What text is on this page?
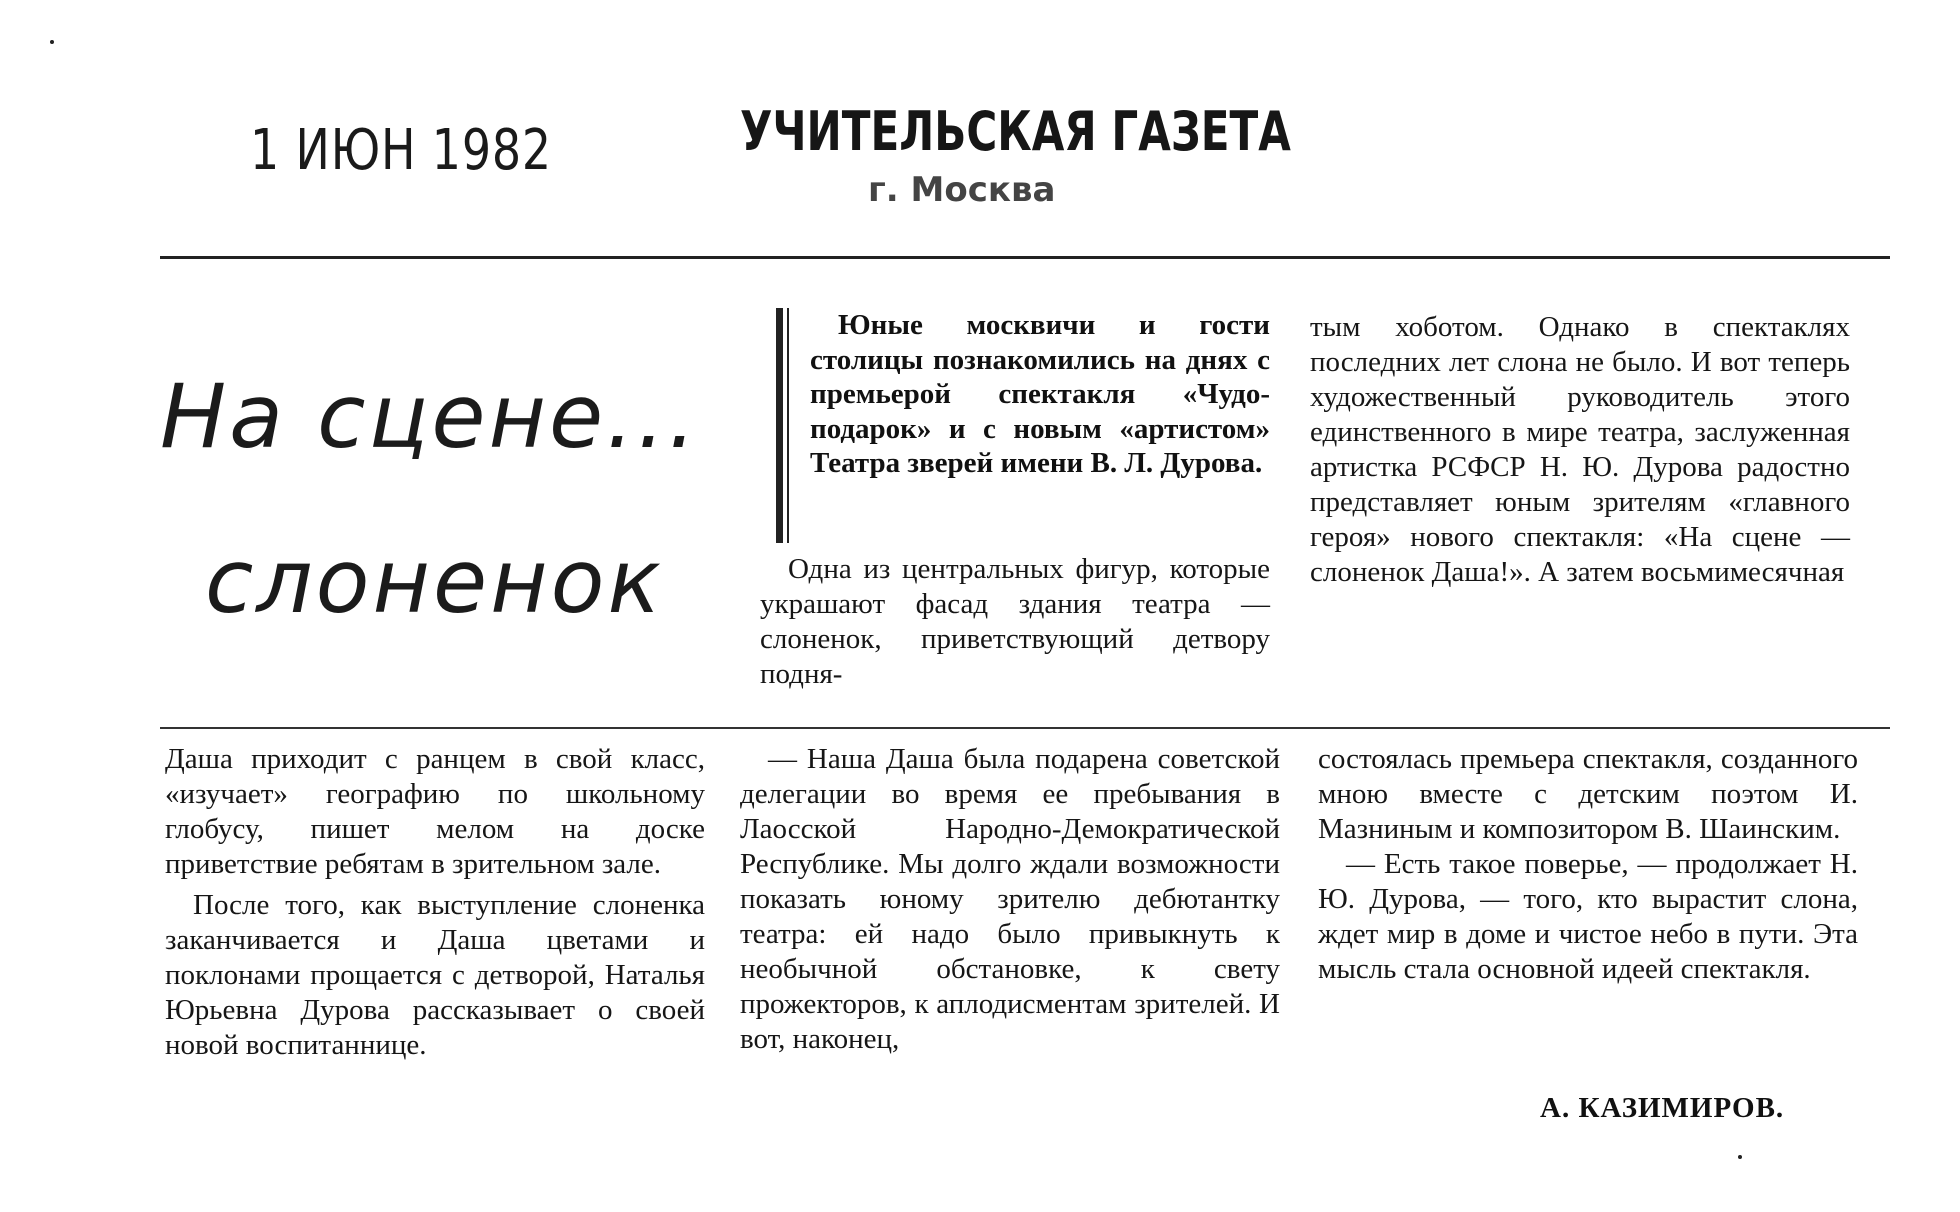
1 ИЮН 1982	УЧИТЕЛЬСКАЯ ГАЗЕТА
г. Москва
На сцене...
слоненок

Юные москвичи и гости столицы познакомились на днях с премьерой спектакля «Чудо-подарок» и с новым «артистом» Театра зверей имени В. Л. Дурова.

Одна из центральных фигур, которые украшают фасад здания театра — слоненок, приветствующий детвору подня-

тым хоботом. Однако в спектаклях последних лет слона не было. И вот теперь художественный руководитель этого единственного в мире театра, заслуженная артистка РСФСР Н. Ю. Дурова радостно представляет юным зрителям «главного героя» нового спектакля: «На сцене — слоненок Даша!». А затем восьмимесячная

Даша приходит с ранцем в свой класс, «изучает» географию по школьному глобусу, пишет мелом на доске приветствие ребятам в зрительном зале.

После того, как выступление слоненка заканчивается и Даша цветами и поклонами прощается с детворой, Наталья Юрьевна Дурова рассказывает о своей новой воспитаннице.

— Наша Даша была подарена советской делегации во время ее пребывания в Лаосской Народно-Демократической Республике. Мы долго ждали возможности показать юному зрителю дебютантку театра: ей надо было привыкнуть к необычной обстановке, к свету прожекторов, к аплодисментам зрителей. И вот, наконец,

состоялась премьера спектакля, созданного мною вместе с детским поэтом И. Мазниным и композитором В. Шаинским.

— Есть такое поверье, — продолжает Н. Ю. Дурова, — того, кто вырастит слона, ждет мир в доме и чистое небо в пути. Эта мысль стала основной идеей спектакля.

А. КАЗИМИРОВ.
